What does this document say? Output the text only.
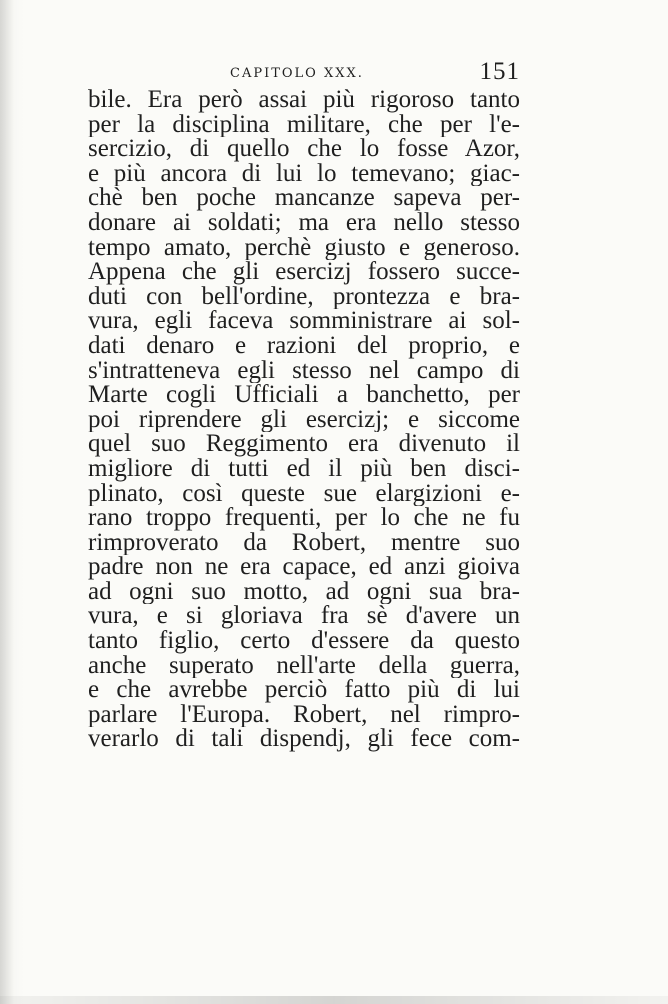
CAPITOLO XXX.	151
bile. Era però assai più rigoroso tanto
per la disciplina militare, che per l'e-
sercizio, di quello che lo fosse Azor,
e più ancora di lui lo temevano; giac-
chè ben poche mancanze sapeva per-
donare ai soldati; ma era nello stesso
tempo amato, perchè giusto e generoso.
Appena che gli esercizj fossero succe-
duti con bell'ordine, prontezza e bra-
vura, egli faceva somministrare ai sol-
dati denaro e razioni del proprio, e
s'intratteneva egli stesso nel campo di
Marte cogli Ufficiali a banchetto, per
poi riprendere gli esercizj; e siccome
quel suo Reggimento era divenuto il
migliore di tutti ed il più ben disci-
plinato, così queste sue elargizioni e-
rano troppo frequenti, per lo che ne fu
rimproverato da Robert, mentre suo
padre non ne era capace, ed anzi gioiva
ad ogni suo motto, ad ogni sua bra-
vura, e si gloriava fra sè d'avere un
tanto figlio, certo d'essere da questo
anche superato nell'arte della guerra,
e che avrebbe perciò fatto più di lui
parlare l'Europa. Robert, nel rimpro-
verarlo di tali dispendj, gli fece com-
